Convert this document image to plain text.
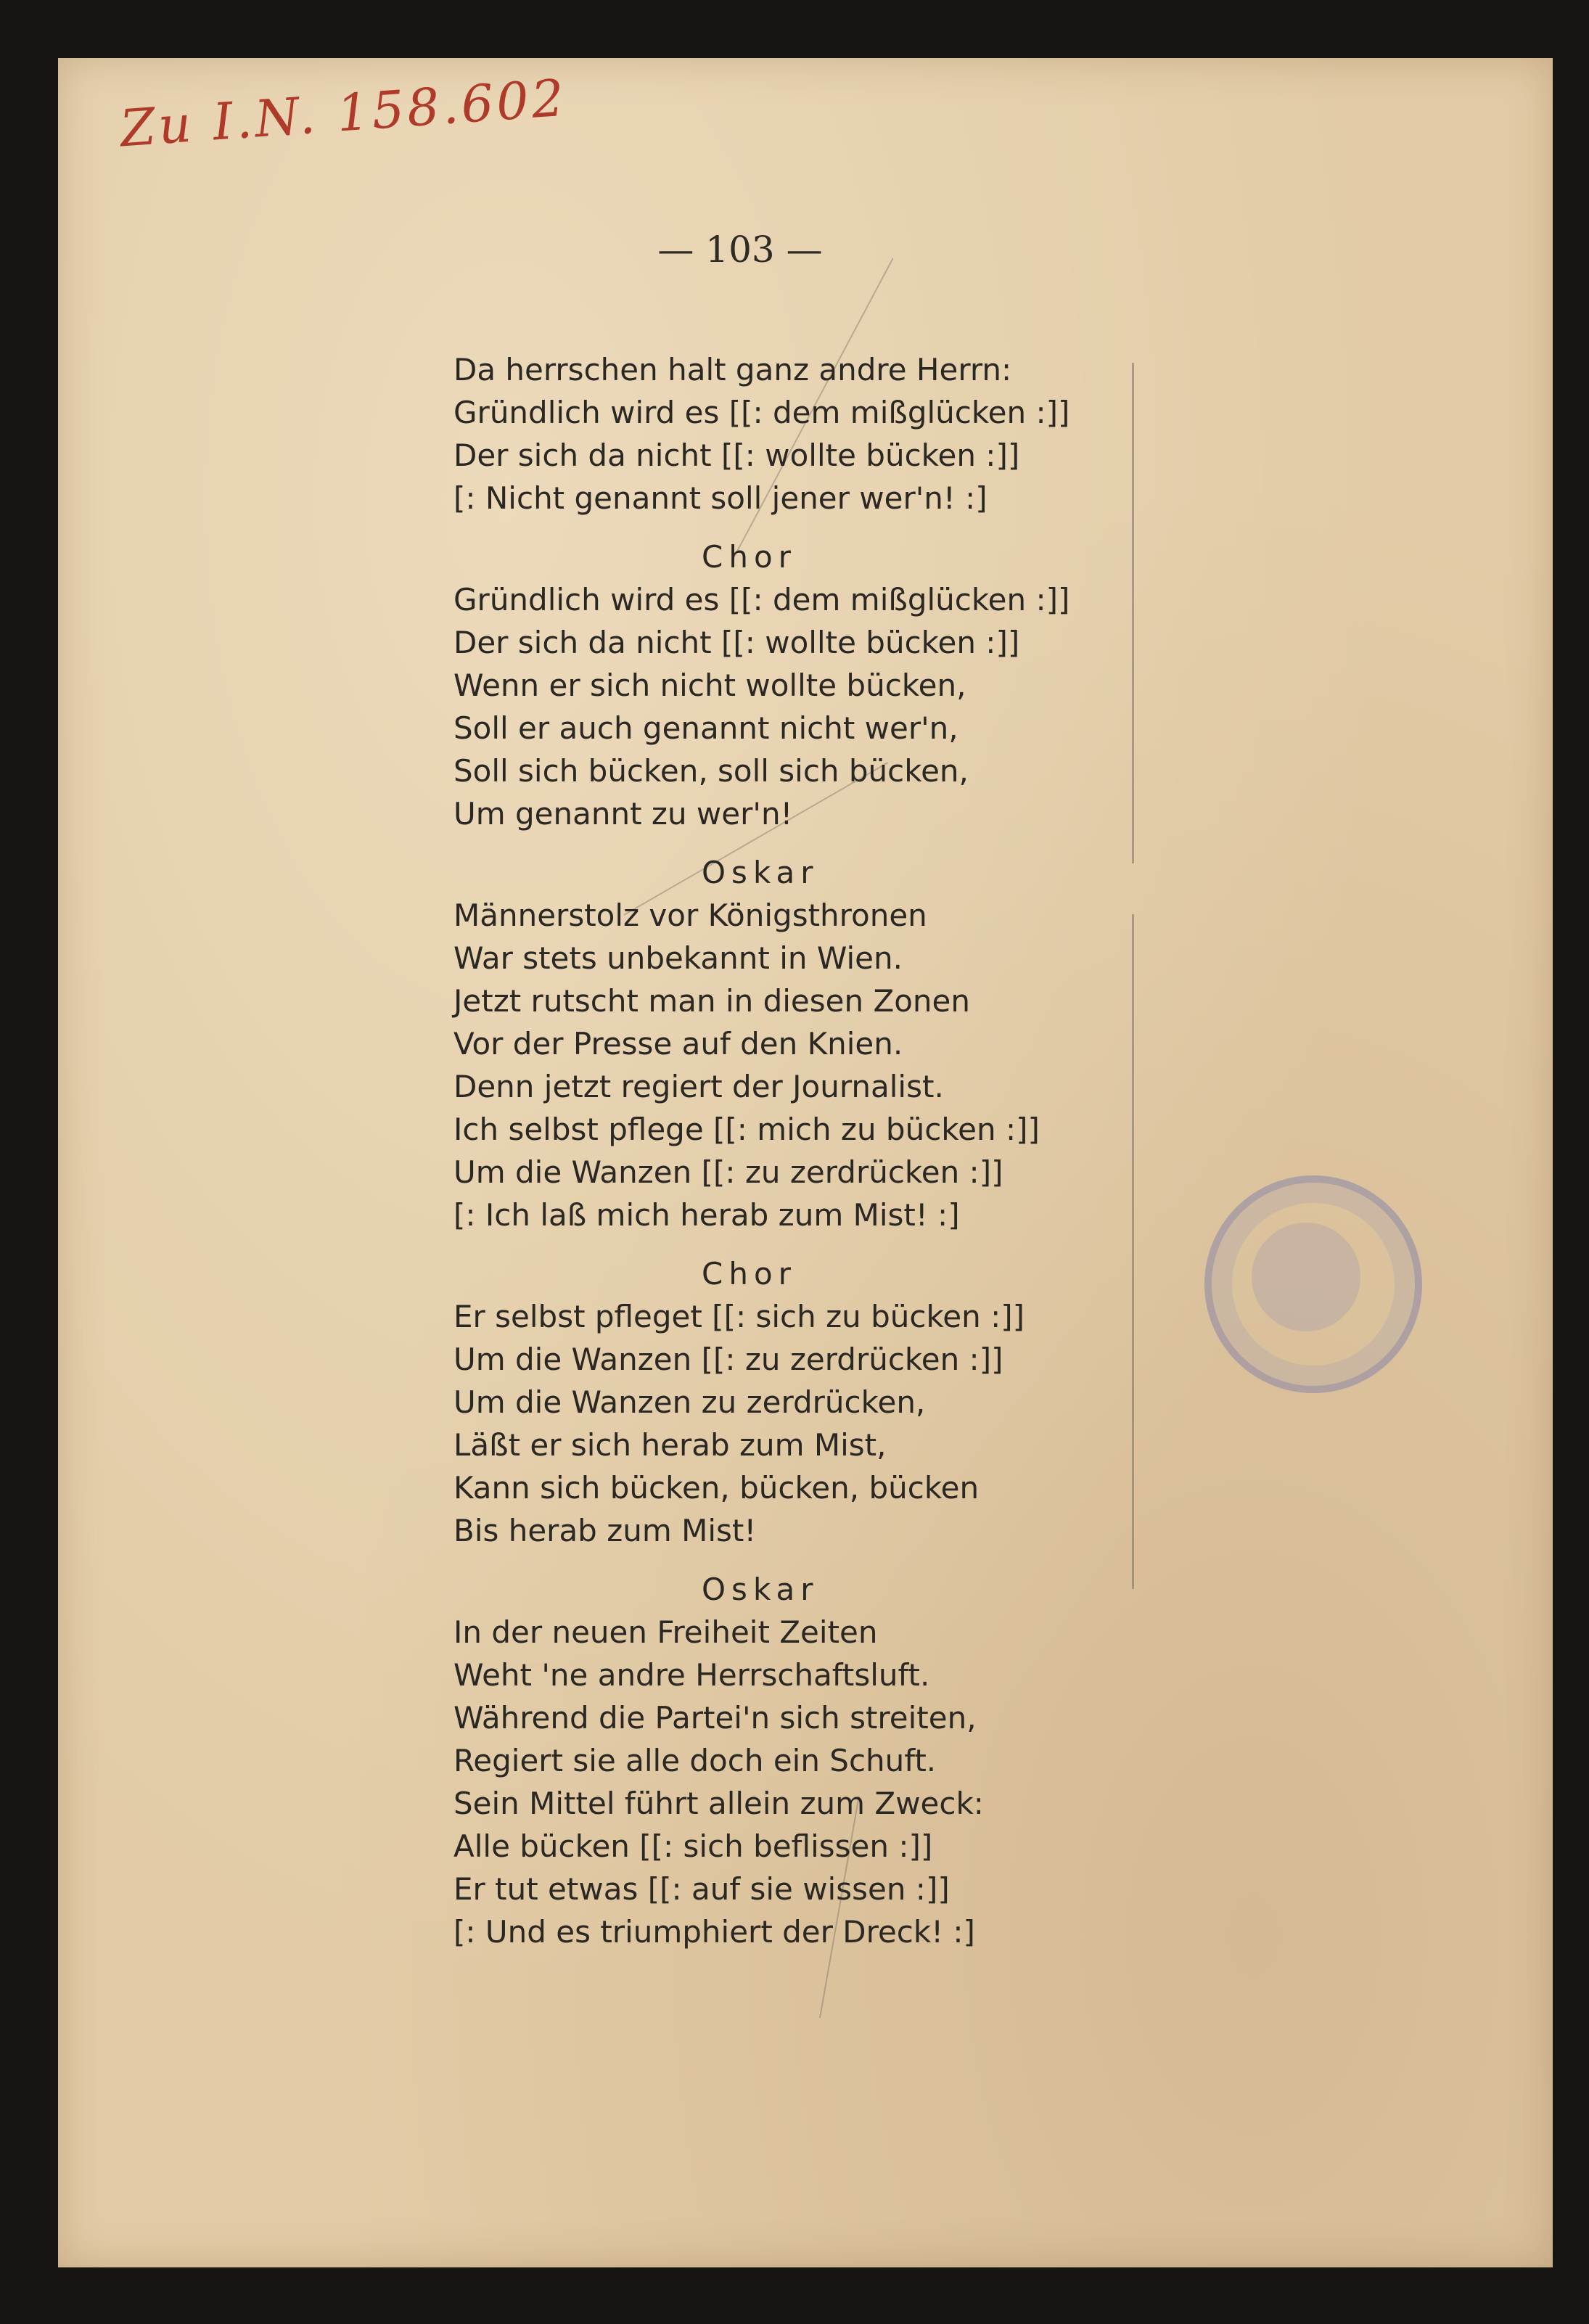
Zu I.N. 158.602
— 103 —
Da herrschen halt ganz andre Herrn:
Gründlich wird es [[: dem mißglücken :]]
Der sich da nicht [[: wollte bücken :]]
[: Nicht genannt soll jener wer'n! :]
Chor
Gründlich wird es [[: dem mißglücken :]]
Der sich da nicht [[: wollte bücken :]]
Wenn er sich nicht wollte bücken,
Soll er auch genannt nicht wer'n,
Soll sich bücken, soll sich bücken,
Um genannt zu wer'n!
Oskar
Männerstolz vor Königsthronen
War stets unbekannt in Wien.
Jetzt rutscht man in diesen Zonen
Vor der Presse auf den Knien.
Denn jetzt regiert der Journalist.
Ich selbst pflege [[: mich zu bücken :]]
Um die Wanzen [[: zu zerdrücken :]]
[: Ich laß mich herab zum Mist! :]
Chor
Er selbst pfleget [[: sich zu bücken :]]
Um die Wanzen [[: zu zerdrücken :]]
Um die Wanzen zu zerdrücken,
Läßt er sich herab zum Mist,
Kann sich bücken, bücken, bücken
Bis herab zum Mist!
Oskar
In der neuen Freiheit Zeiten
Weht 'ne andre Herrschaftsluft.
Während die Partei'n sich streiten,
Regiert sie alle doch ein Schuft.
Sein Mittel führt allein zum Zweck:
Alle bücken [[: sich beflissen :]]
Er tut etwas [[: auf sie wissen :]]
[: Und es triumphiert der Dreck! :]
